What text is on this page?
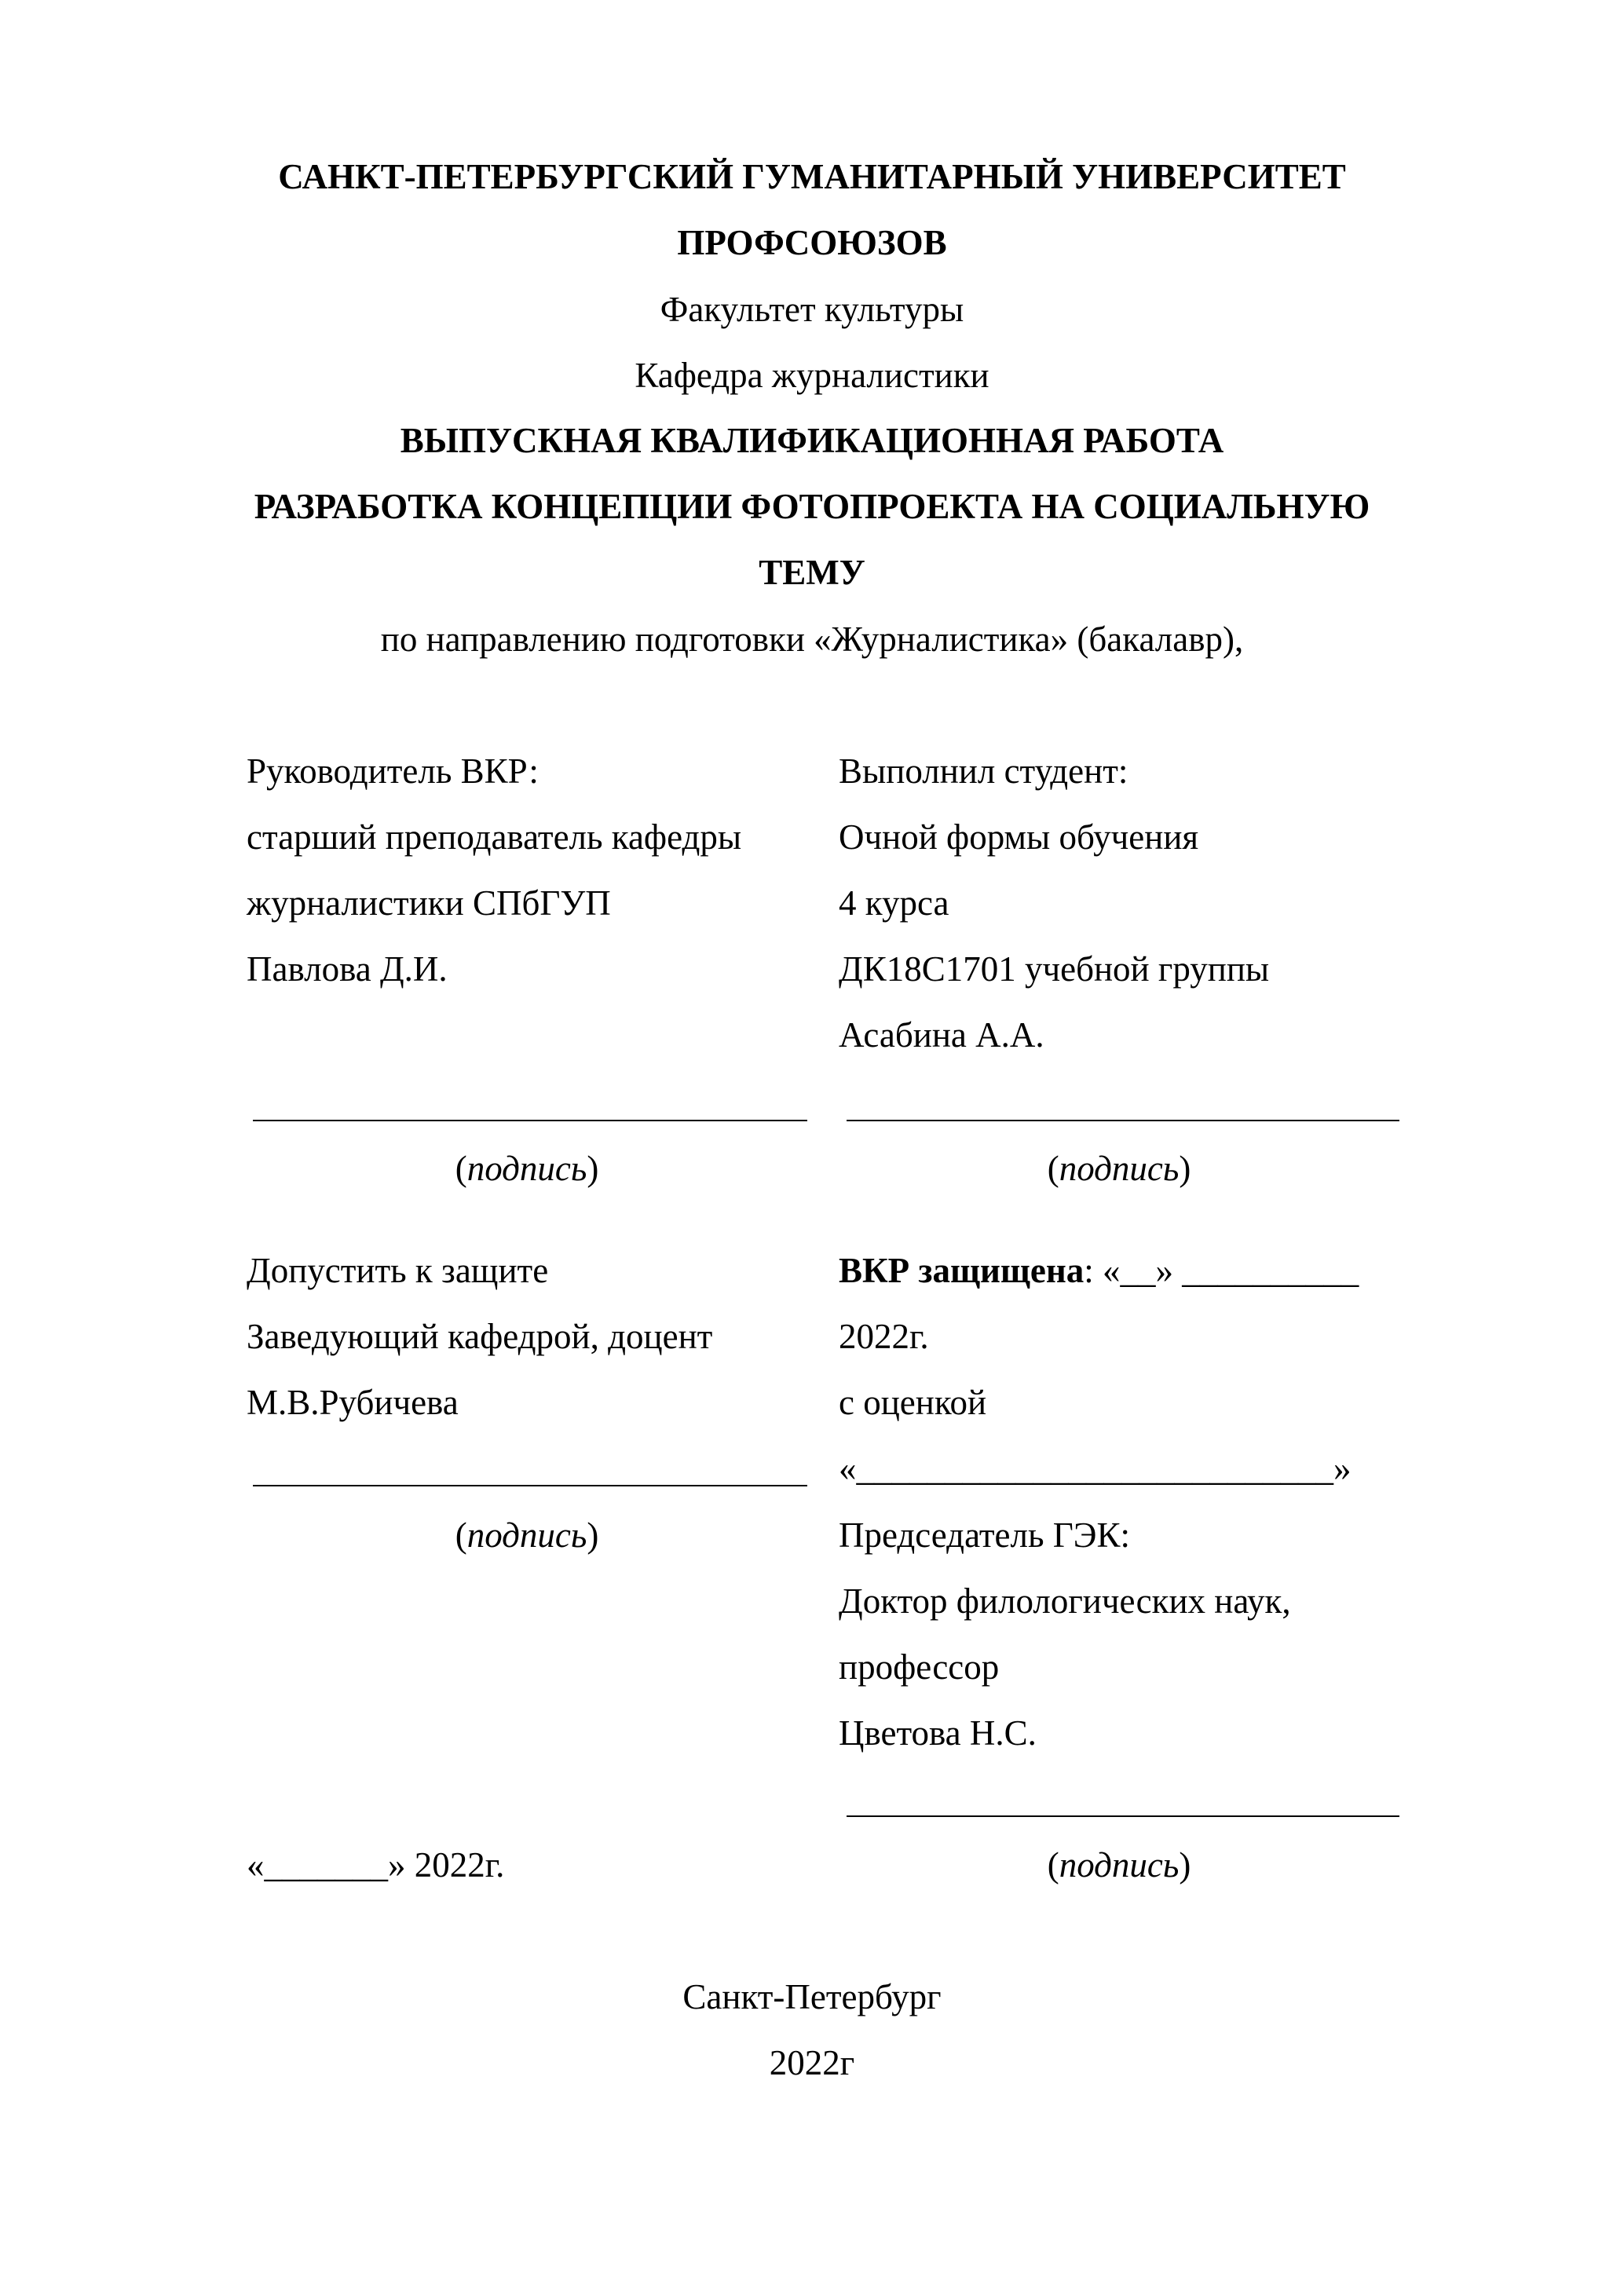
САНКТ-ПЕТЕРБУРГСКИЙ ГУМАНИТАРНЫЙ УНИВЕРСИТЕТ
ПРОФСОЮЗОВ
Факультет культуры
Кафедра журналистики
ВЫПУСКНАЯ КВАЛИФИКАЦИОННАЯ РАБОТА
РАЗРАБОТКА КОНЦЕПЦИИ ФОТОПРОЕКТА НА СОЦИАЛЬНУЮ
ТЕМУ
по направлению подготовки «Журналистика» (бакалавр),
Руководитель ВКР:
старший преподаватель кафедры
журналистики СПбГУП
Павлова Д.И.
Выполнил студент:
Очной формы обучения
4 курса
ДК18С1701 учебной группы
Асабина А.А.
(подпись)	(подпись)
Допустить к защите
Заведующий кафедрой, доцент
М.В.Рубичева
(подпись)
ВКР защищена: «__» __________
2022г.
с оценкой
«___________________________»
Председатель ГЭК:
Доктор филологических наук,
профессор
Цветова Н.С.
(подпись)
«_______» 2022г.
Санкт-Петербург
2022г
